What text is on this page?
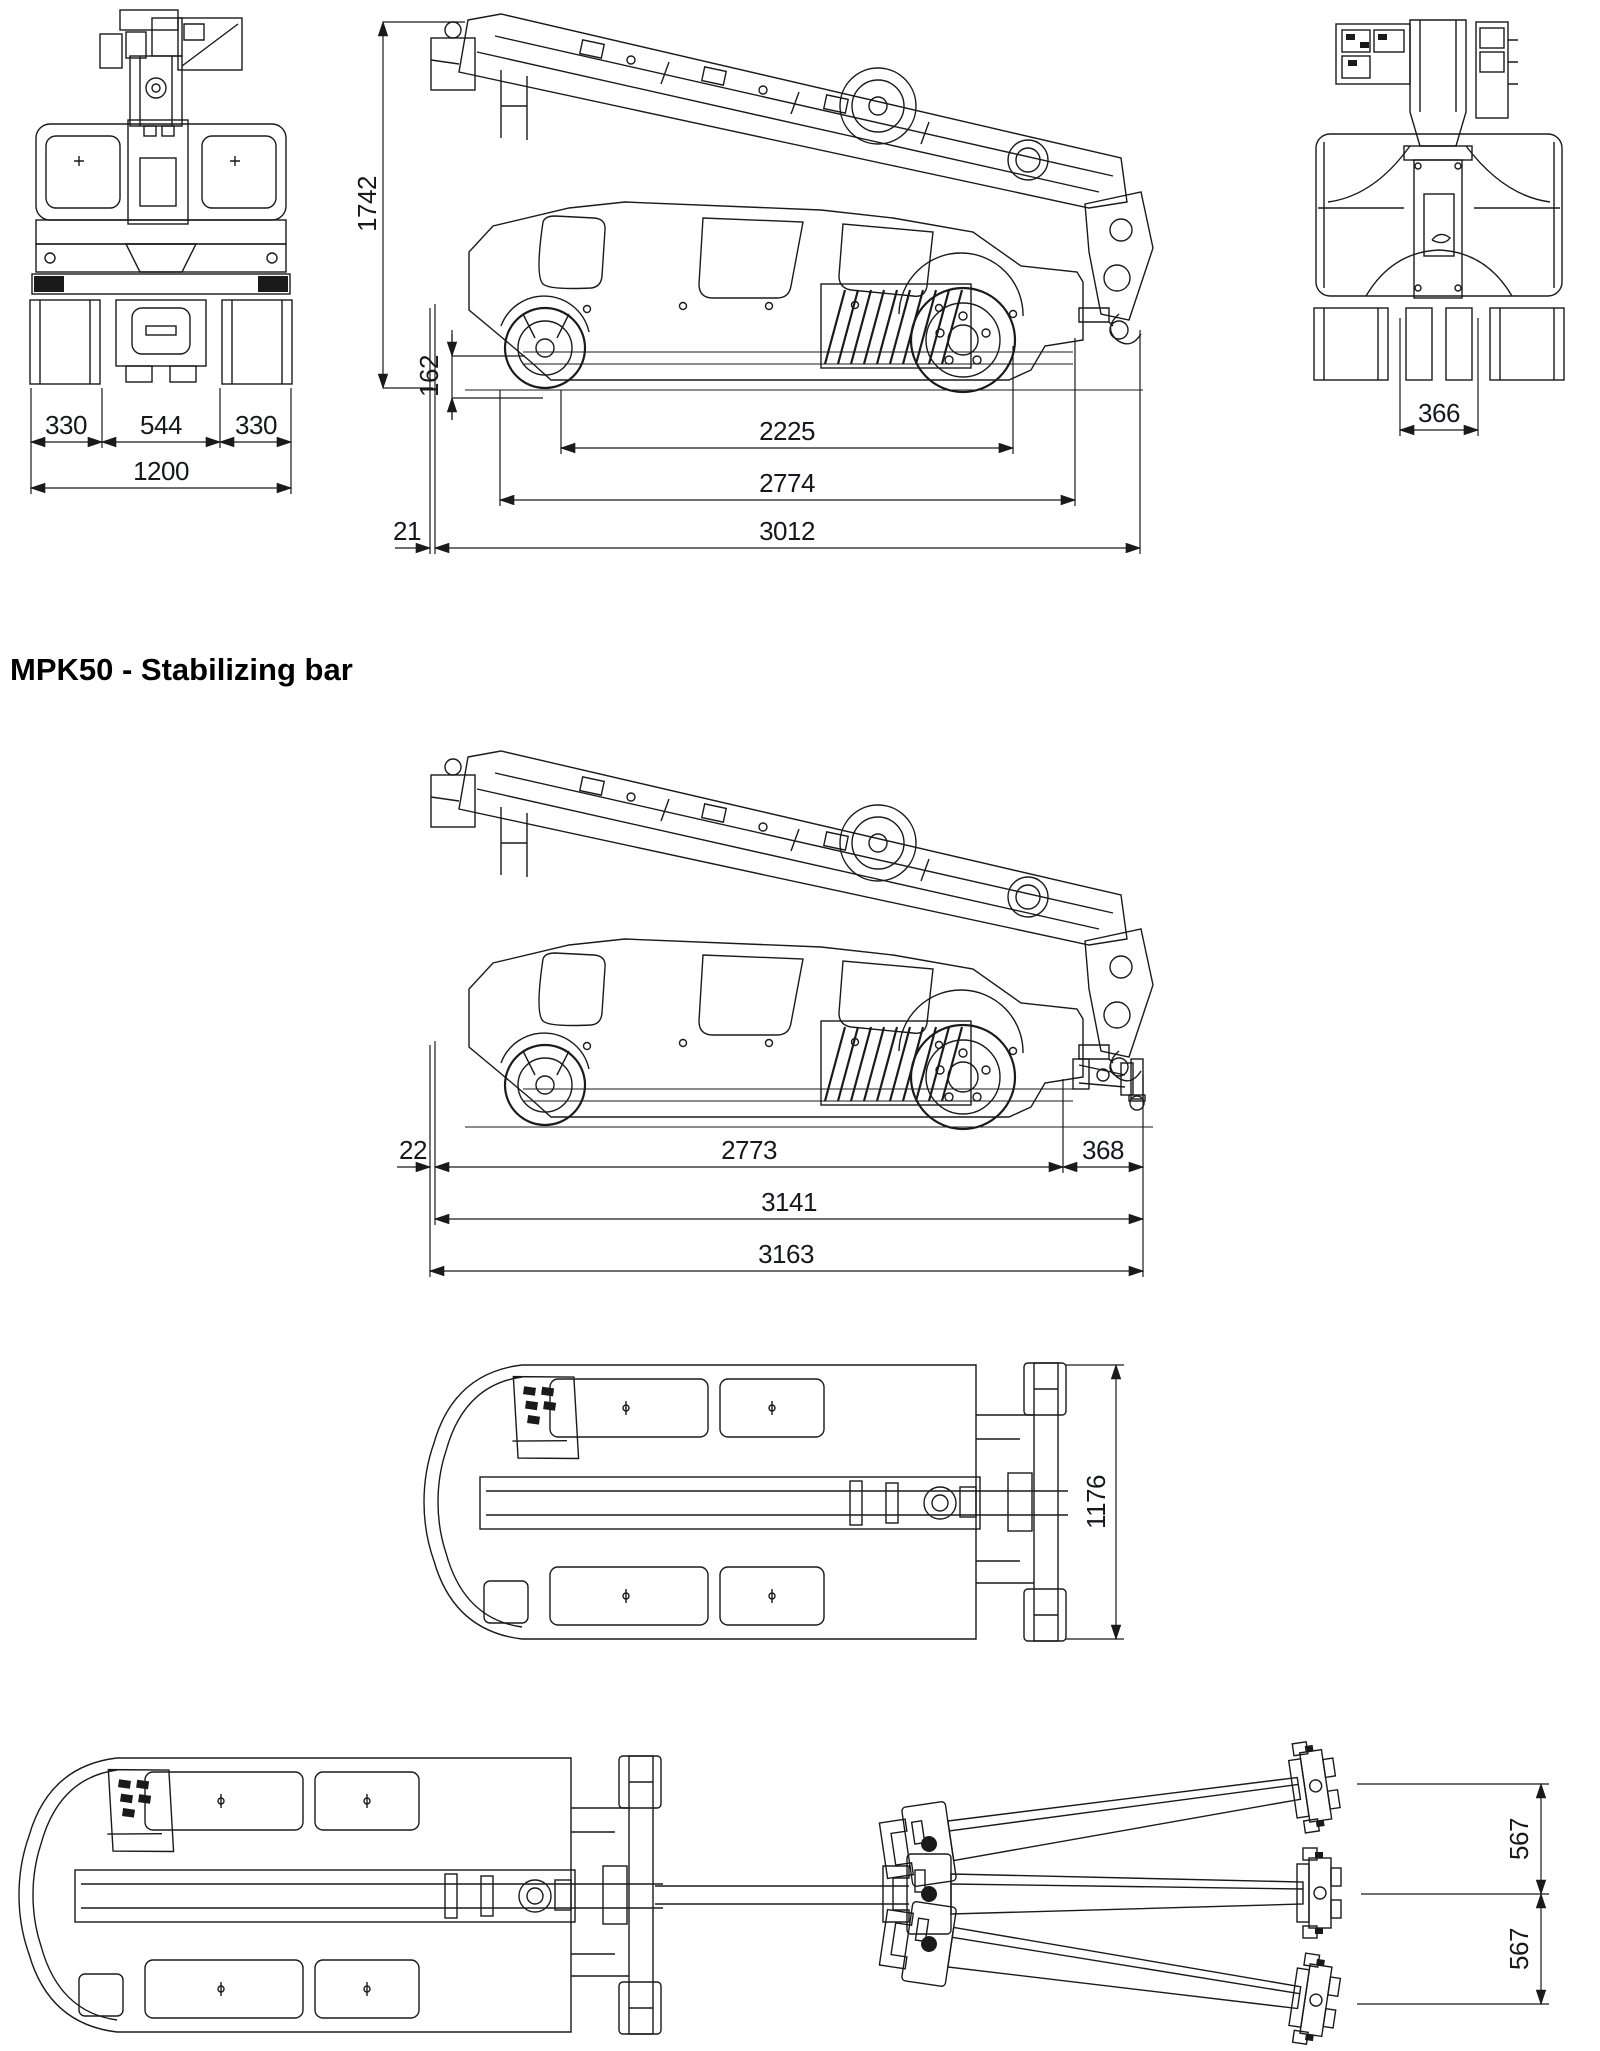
330 544 330
1200
1742
162
2225
2774
21	3012
366
MPK50 - Stabilizing bar
22	2773	368
3141
3163
1176
567
567
